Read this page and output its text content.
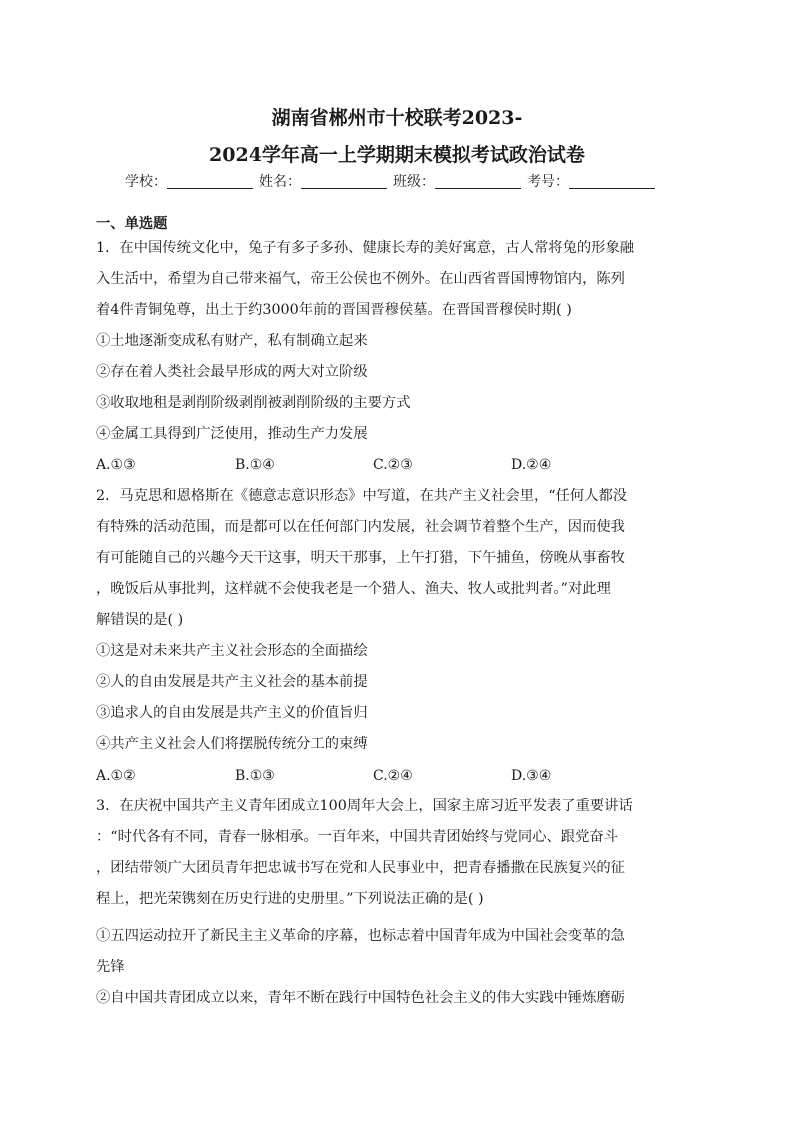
湖南省郴州市十校联考2023-
2024学年高一上学期期末模拟考试政治试卷
学校：	姓名：	班级：	考号：
一、单选题
1．在中国传统文化中，兔子有多子多孙、健康长寿的美好寓意，古人常将兔的形象融
入生活中，希望为自己带来福气，帝王公侯也不例外。在山西省晋国博物馆内，陈列
着4件青铜兔尊，出土于约3000年前的晋国晋穆侯墓。在晋国晋穆侯时期( )
①土地逐渐变成私有财产，私有制确立起来
②存在着人类社会最早形成的两大对立阶级
③收取地租是剥削阶级剥削被剥削阶级的主要方式
④金属工具得到广泛使用，推动生产力发展
A.①③	B.①④	C.②③	D.②④
2．马克思和恩格斯在《德意志意识形态》中写道，在共产主义社会里，“任何人都没
有特殊的活动范围，而是都可以在任何部门内发展，社会调节着整个生产，因而使我
有可能随自己的兴趣今天干这事，明天干那事，上午打猎，下午捕鱼，傍晚从事畜牧
，晚饭后从事批判，这样就不会使我老是一个猎人、渔夫、牧人或批判者。”对此理
解错误的是( )
①这是对未来共产主义社会形态的全面描绘
②人的自由发展是共产主义社会的基本前提
③追求人的自由发展是共产主义的价值旨归
④共产主义社会人们将摆脱传统分工的束缚
A.①②	B.①③	C.②④	D.③④
3．在庆祝中国共产主义青年团成立100周年大会上，国家主席习近平发表了重要讲话
：“时代各有不同，青春一脉相承。一百年来，中国共青团始终与党同心、跟党奋斗
，团结带领广大团员青年把忠诚书写在党和人民事业中，把青春播撒在民族复兴的征
程上，把光荣镌刻在历史行进的史册里。”下列说法正确的是( )
①五四运动拉开了新民主主义革命的序幕，也标志着中国青年成为中国社会变革的急
先锋
②自中国共青团成立以来，青年不断在践行中国特色社会主义的伟大实践中锤炼磨砺
